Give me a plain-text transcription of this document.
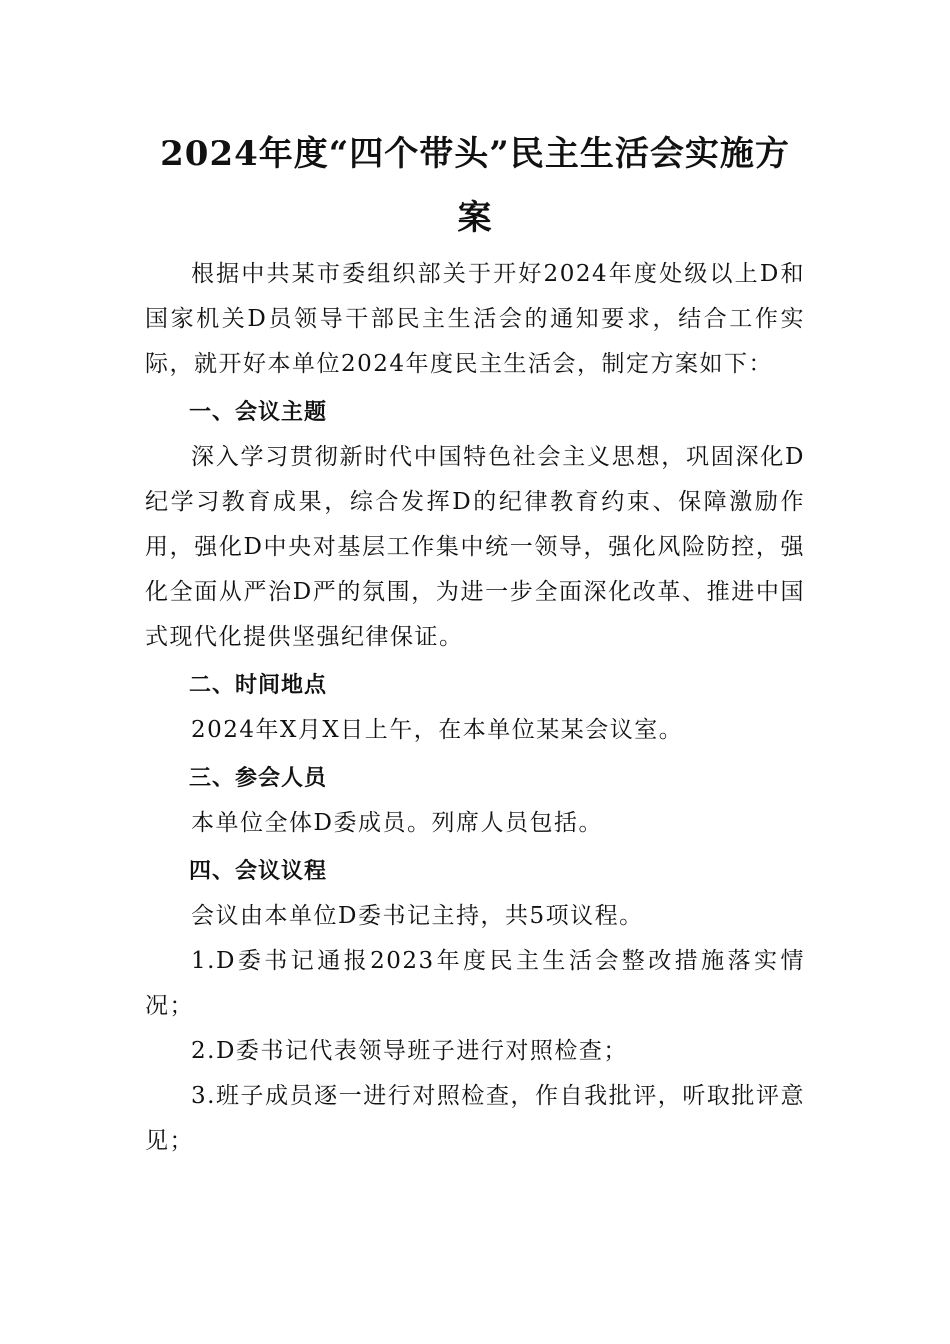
2024年度“四个带头”民主生活会实施方案

根据中共某市委组织部关于开好2024年度处级以上D和国家机关D员领导干部民主生活会的通知要求，结合工作实际，就开好本单位2024年度民主生活会，制定方案如下：

一、会议主题

深入学习贯彻新时代中国特色社会主义思想，巩固深化D纪学习教育成果，综合发挥D的纪律教育约束、保障激励作用，强化D中央对基层工作集中统一领导，强化风险防控，强化全面从严治D严的氛围，为进一步全面深化改革、推进中国式现代化提供坚强纪律保证。

二、时间地点

2024年X月X日上午，在本单位某某会议室。

三、参会人员

本单位全体D委成员。列席人员包括。

四、会议议程

会议由本单位D委书记主持，共5项议程。

1.D委书记通报2023年度民主生活会整改措施落实情况；

2.D委书记代表领导班子进行对照检查；

3.班子成员逐一进行对照检查，作自我批评，听取批评意见；
